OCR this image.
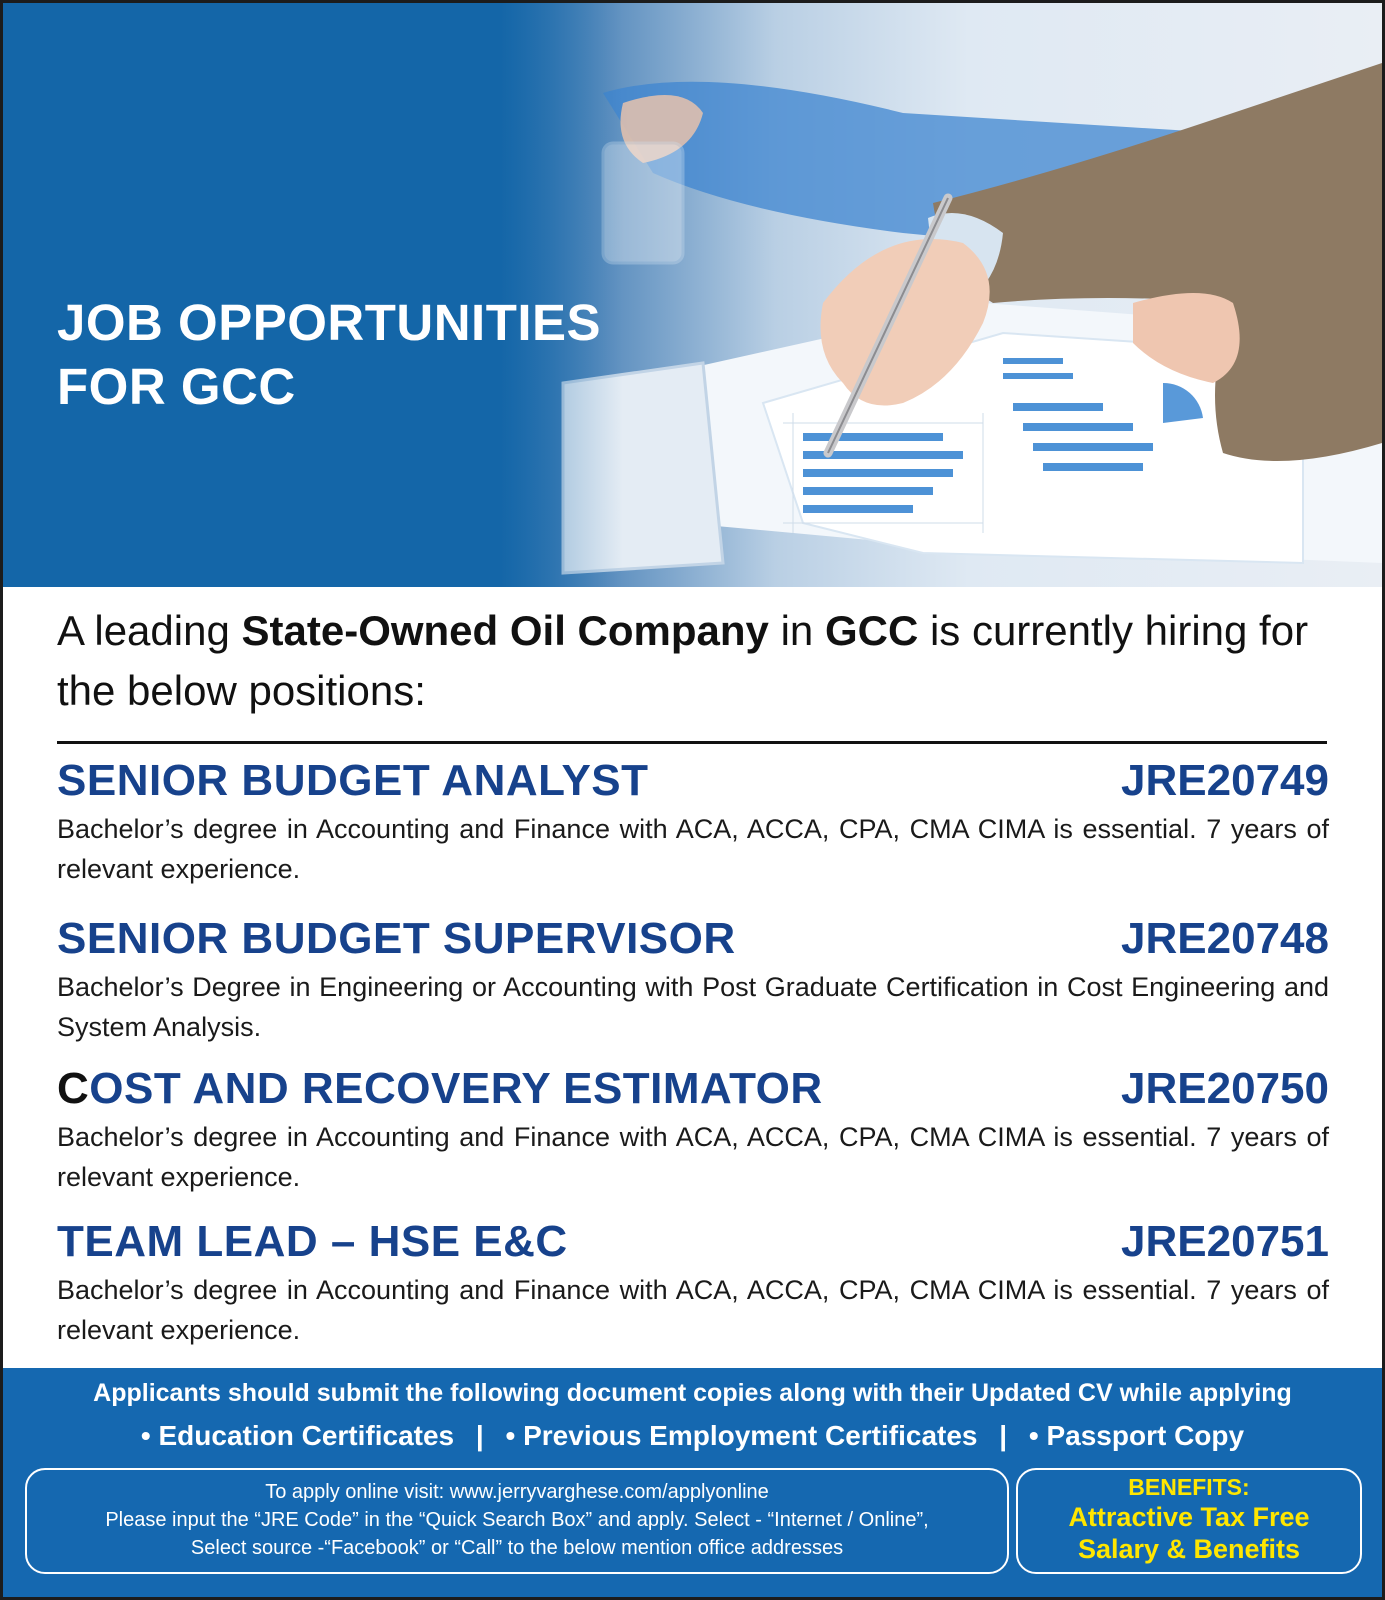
JOB OPPORTUNITIES
FOR GCC

A leading State-Owned Oil Company in GCC is currently hiring for the below positions:

SENIOR BUDGET ANALYST	JRE20749

Bachelor’s degree in Accounting and Finance with ACA, ACCA, CPA, CMA CIMA is essential. 7 years of relevant experience.

SENIOR BUDGET SUPERVISOR	JRE20748

Bachelor’s Degree in Engineering or Accounting with Post Graduate Certification in Cost Engineering and System Analysis.

COST AND RECOVERY ESTIMATOR	JRE20750

Bachelor’s degree in Accounting and Finance with ACA, ACCA, CPA, CMA CIMA is essential. 7 years of relevant experience.

TEAM LEAD – HSE E&C	JRE20751

Bachelor’s degree in Accounting and Finance with ACA, ACCA, CPA, CMA CIMA is essential. 7 years of relevant experience.

Applicants should submit the following document copies along with their Updated CV while applying
• Education Certificates | • Previous Employment Certificates | • Passport Copy
To apply online visit: www.jerryvarghese.com/applyonline
Please input the “JRE Code” in the “Quick Search Box” and apply. Select - “Internet / Online”,
Select source -“Facebook” or “Call” to the below mention office addresses
BENEFITS:
Attractive Tax Free
Salary & Benefits
